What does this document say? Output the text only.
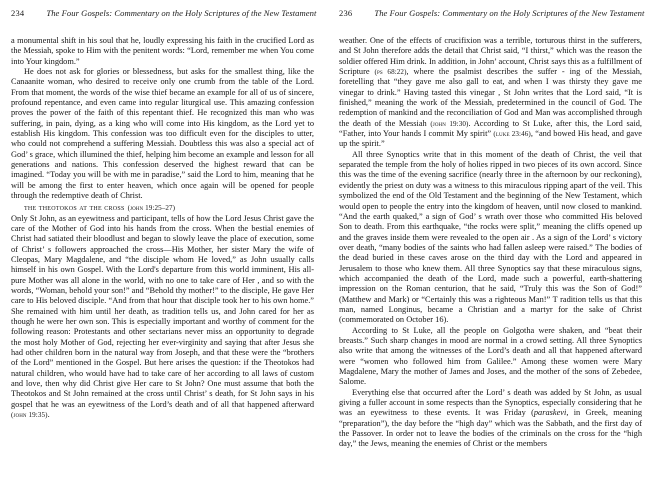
234	The Four Gospels: Commentary on the Holy Scriptures of the New Testament

a monumental shift in his soul that he, loudly expressing his faith in the crucified Lord as the Messiah, spoke to Him with the penitent words: “Lord, remember me when You come into Your kingdom.”

He does not ask for glories or blessedness, but asks for the smallest thing, like the Canaanite woman, who desired to receive only one crumb from the table of the Lord. From that moment, the words of the wise thief became an example for all of us of sincere, profound repentance, and even came into regular liturgical use. This amazing confession proves the power of the faith of this repentant thief. He recognized this man who was suffering, in pain, dying, as a king who will come into His kingdom, as the Lord yet to establish His kingdom. This confession was too difficult even for the disciples to utter, who could not comprehend a suffering Messiah. Doubtless this was also a special act of God’ s grace, which illumined the thief, helping him become an example and lesson for all generations and nations. This confession deserved the highest reward that can be imagined. “Today you will be with me in paradise,” said the Lord to him, meaning that he will be among the first to enter heaven, which once again will be opened for people through the redemptive death of Christ.

the theotokos at the cross (john 19:25–27)

Only St John, as an eyewitness and participant, tells of how the Lord Jesus Christ gave the care of the Mother of God into his hands from the cross. When the bestial enemies of Christ had satiated their bloodlust and began to slowly leave the place of execution, some of Christ’ s followers approached the cross—His Mother, her sister Mary the wife of Cleopas, Mary Magdalene, and “the disciple whom He loved,” as John usually calls himself in his own Gospel. With the Lord's departure from this world imminent, His all-pure Mother was all alone in the world, with no one to take care of Her , and so with the words, “Woman, behold your son!” and “Behold thy mother!” to the disciple, He gave Her care to His beloved disciple. “And from that hour that disciple took her to his own home.” She remained with him until her death, as tradition tells us, and John cared for her as though he were her own son. This is especially important and worthy of comment for the following reason: Protestants and other sectarians never miss an opportunity to degrade the most holy Mother of God, rejecting her ever-virginity and saying that after Jesus she had other children born in the natural way from Joseph, and that these were the “brothers of the Lord” mentioned in the Gospel. But here arises the question: if the Theotokos had natural children, who would have had to take care of her according to all laws of custom and love, then why did Christ give Her care to St John? One must assume that both the Theotokos and St John remained at the cross until Christ’ s death, for St John says in his gospel that he was an eyewitness of the Lord’s death and of all that happened afterward (john 19:35).

236	The Four Gospels: Commentary on the Holy Scriptures of the New Testament

weather. One of the effects of crucifixion was a terrible, torturous thirst in the sufferers, and St John therefore adds the detail that Christ said, “I thirst,” which was the reason the soldier offered Him drink. In addition, in John’ account, Christ says this as a fulfillment of Scripture (ps 68:22), where the psalmist describes the suffer - ing of the Messiah, foretelling that “they gave me also gall to eat, and when I was thirsty they gave me vinegar to drink.” Having tasted this vinegar , St John writes that the Lord said, “It is finished,” meaning the work of the Messiah, predetermined in the council of God. The redemption of mankind and the reconciliation of God and Man was accomplished through the death of the Messiah (john 19:30). According to St Luke, after this, the Lord said, “Father, into Your hands I commit My spirit” (luke 23:46), “and bowed His head, and gave up the spirit.”

All three Synoptics write that in this moment of the death of Christ, the veil that separated the temple from the holy of holies ripped in two pieces of its own accord. Since this was the time of the evening sacrifice (nearly three in the afternoon by our reckoning), evidently the priest on duty was a witness to this miraculous ripping apart of the veil. This symbolized the end of the Old Testament and the beginning of the New Testament, which would open to people the entry into the kingdom of heaven, until now closed to mankind. “And the earth quaked,” a sign of God’ s wrath over those who committed His beloved Son to death. From this earthquake, “the rocks were split,” meaning the cliffs opened up and the graves inside them were revealed to the open air . As a sign of the Lord’ s victory over death, “many bodies of the saints who had fallen asleep were raised.” The bodies of the dead buried in these caves arose on the third day with the Lord and appeared in Jerusalem to those who knew them. All three Synoptics say that these miraculous signs, which accompanied the death of the Lord, made such a powerful, earth-shattering impression on the Roman centurion, that he said, “Truly this was the Son of God!” (Matthew and Mark) or “Certainly this was a righteous Man!” T radition tells us that this man, named Longinus, became a Christian and a martyr for the sake of Christ (commemorated on October 16).

According to St Luke, all the people on Golgotha were shaken, and “beat their breasts.” Such sharp changes in mood are normal in a crowd setting. All three Synoptics also write that among the witnesses of the Lord’s death and all that happened afterward were “women who followed him from Galilee.” Among these women were Mary Magdalene, Mary the mother of James and Joses, and the mother of the sons of Zebedee, Salome.

Everything else that occurred after the Lord’ s death was added by St John, as usual giving a fuller account in some respects than the Synoptics, especially considering that he was an eyewitness to these events. It was Friday (paraskevi, in Greek, meaning “preparation”), the day before the “high day” which was the Sabbath, and the first day of the Passover. In order not to leave the bodies of the criminals on the cross for the “high day,” the Jews, meaning the enemies of Christ or the members
